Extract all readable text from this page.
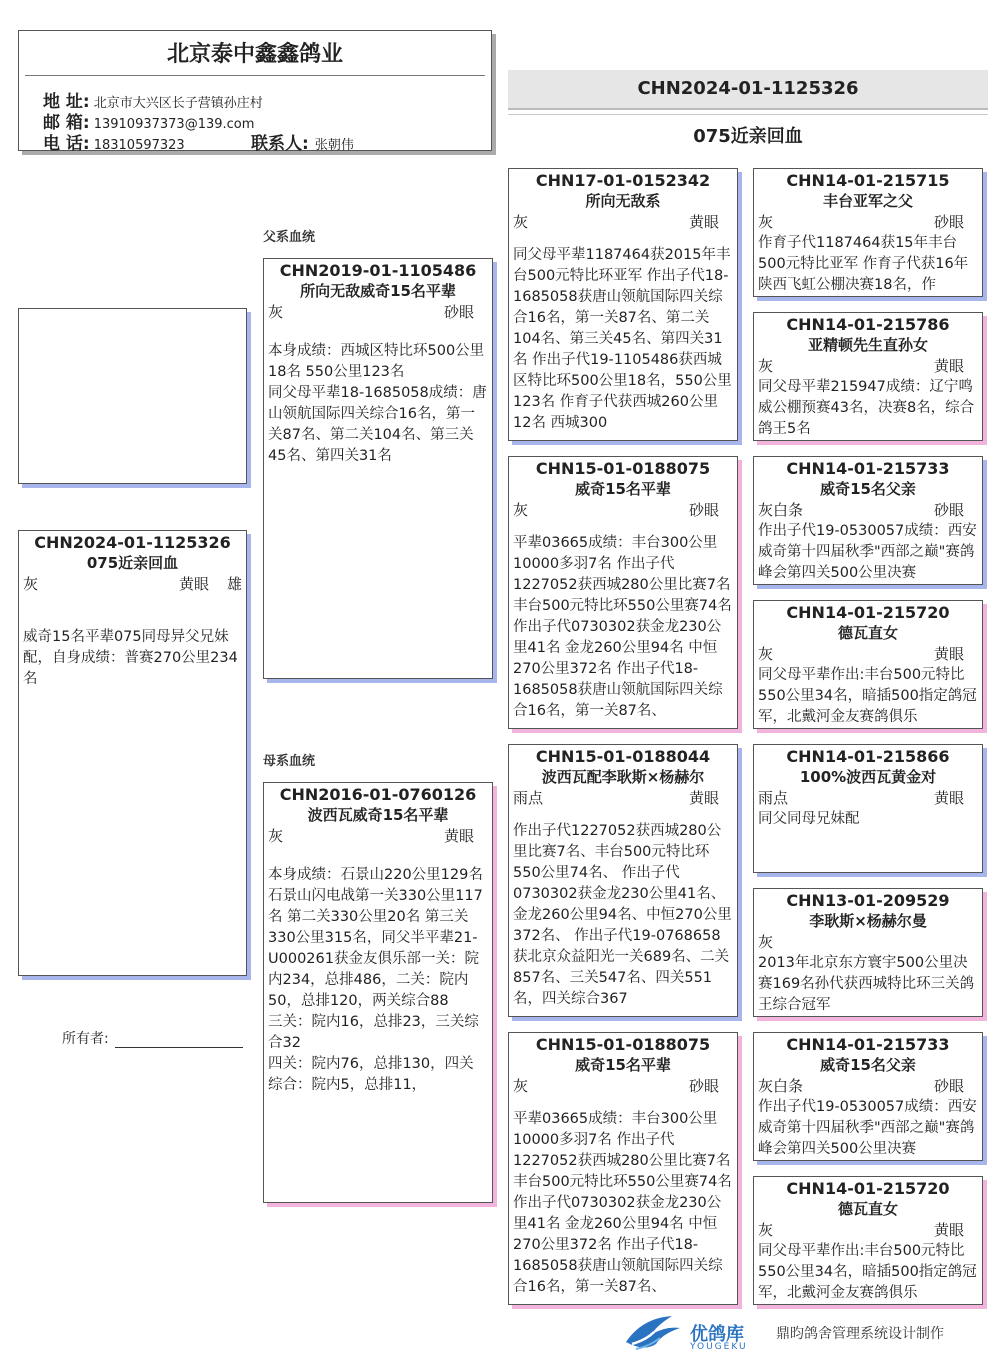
北京泰中鑫鑫鸽业
地 址: 北京市大兴区长子营镇孙庄村
邮 箱: 13910937373@139.com
电 话: 18310597323	联系人: 张朝伟
CHN2024-01-1125326
075近亲回血
父系血统
母系血统
CHN2024-01-1125326
075近亲回血
灰	黄眼 雄
威奇15名平辈075同母异父兄妹配，自身成绩：普赛270公里234名
所有者:
CHN2019-01-1105486
所向无敌威奇15名平辈
灰	砂眼
本身成绩：西城区特比环500公里18名 550公里123名
同父母平辈18-1685058成绩：唐山领航国际四关综合16名，第一关87名、第二关104名、第三关45名、第四关31名
CHN2016-01-0760126
波西瓦威奇15名平辈
灰	黄眼
本身成绩：石景山220公里129名 石景山闪电战第一关330公里117名 第二关330公里20名 第三关330公里315名，同父半平辈21-U000261获金友俱乐部一关：院内234，总排486，二关：院内50，总排120，两关综合88
三关：院内16，总排23，三关综合32
四关：院内76，总排130，四关综合：院内5，总排11，
CHN17-01-0152342
所向无敌系
灰	黄眼
同父母平辈1187464获2015年丰台500元特比环亚军 作出子代18-1685058获唐山领航国际四关综合16名，第一关87名、第二关104名、第三关45名、第四关31名 作出子代19-1105486获西城区特比环500公里18名，550公里123名 作育子代获西城260公里12名 西城300
CHN15-01-0188075
威奇15名平辈
灰	砂眼
平辈03665成绩：丰台300公里10000多羽7名 作出子代1227052获西城280公里比赛7名 丰台500元特比环550公里赛74名 作出子代0730302获金龙230公里41名 金龙260公里94名 中恒270公里372名 作出子代18-1685058获唐山领航国际四关综合16名，第一关87名、
CHN15-01-0188044
波西瓦配李耿斯×杨赫尔
雨点	黄眼
作出子代1227052获西城280公里比赛7名、丰台500元特比环550公里74名、 作出子代0730302获金龙230公里41名、金龙260公里94名、中恒270公里372名、 作出子代19-0768658获北京众益阳光一关689名、二关857名、三关547名、四关551名，四关综合367
CHN15-01-0188075
威奇15名平辈
灰	砂眼
平辈03665成绩：丰台300公里10000多羽7名 作出子代1227052获西城280公里比赛7名 丰台500元特比环550公里赛74名 作出子代0730302获金龙230公里41名 金龙260公里94名 中恒270公里372名 作出子代18-1685058获唐山领航国际四关综合16名，第一关87名、
CHN14-01-215715
丰台亚军之父
灰	砂眼
作育子代1187464获15年丰台500元特比亚军 作育子代获16年陕西飞虹公棚决赛18名，作
CHN14-01-215786
亚精顿先生直孙女
灰	黄眼
同父母平辈215947成绩：辽宁鸣威公棚预赛43名，决赛8名，综合鸽王5名
CHN14-01-215733
威奇15名父亲
灰白条	砂眼
作出子代19-0530057成绩：西安威奇第十四届秋季"西部之巅"赛鸽峰会第四关500公里决赛
CHN14-01-215720
德瓦直女
灰	黄眼
同父母平辈作出:丰台500元特比550公里34名，暗插500指定鸽冠军，北戴河金友赛鸽俱乐
CHN14-01-215866
100%波西瓦黄金对
雨点	黄眼
同父同母兄妹配
CHN13-01-209529
李耿斯×杨赫尔曼
灰
2013年北京东方寰宇500公里决赛169名孙代获西城特比环三关鸽王综合冠军
CHN14-01-215733
威奇15名父亲
灰白条	砂眼
作出子代19-0530057成绩：西安威奇第十四届秋季"西部之巅"赛鸽峰会第四关500公里决赛
CHN14-01-215720
德瓦直女
灰	黄眼
同父母平辈作出:丰台500元特比550公里34名，暗插500指定鸽冠军，北戴河金友赛鸽俱乐
优鸽库
YOUGEKU
鼎昀鸽舍管理系统设计制作
